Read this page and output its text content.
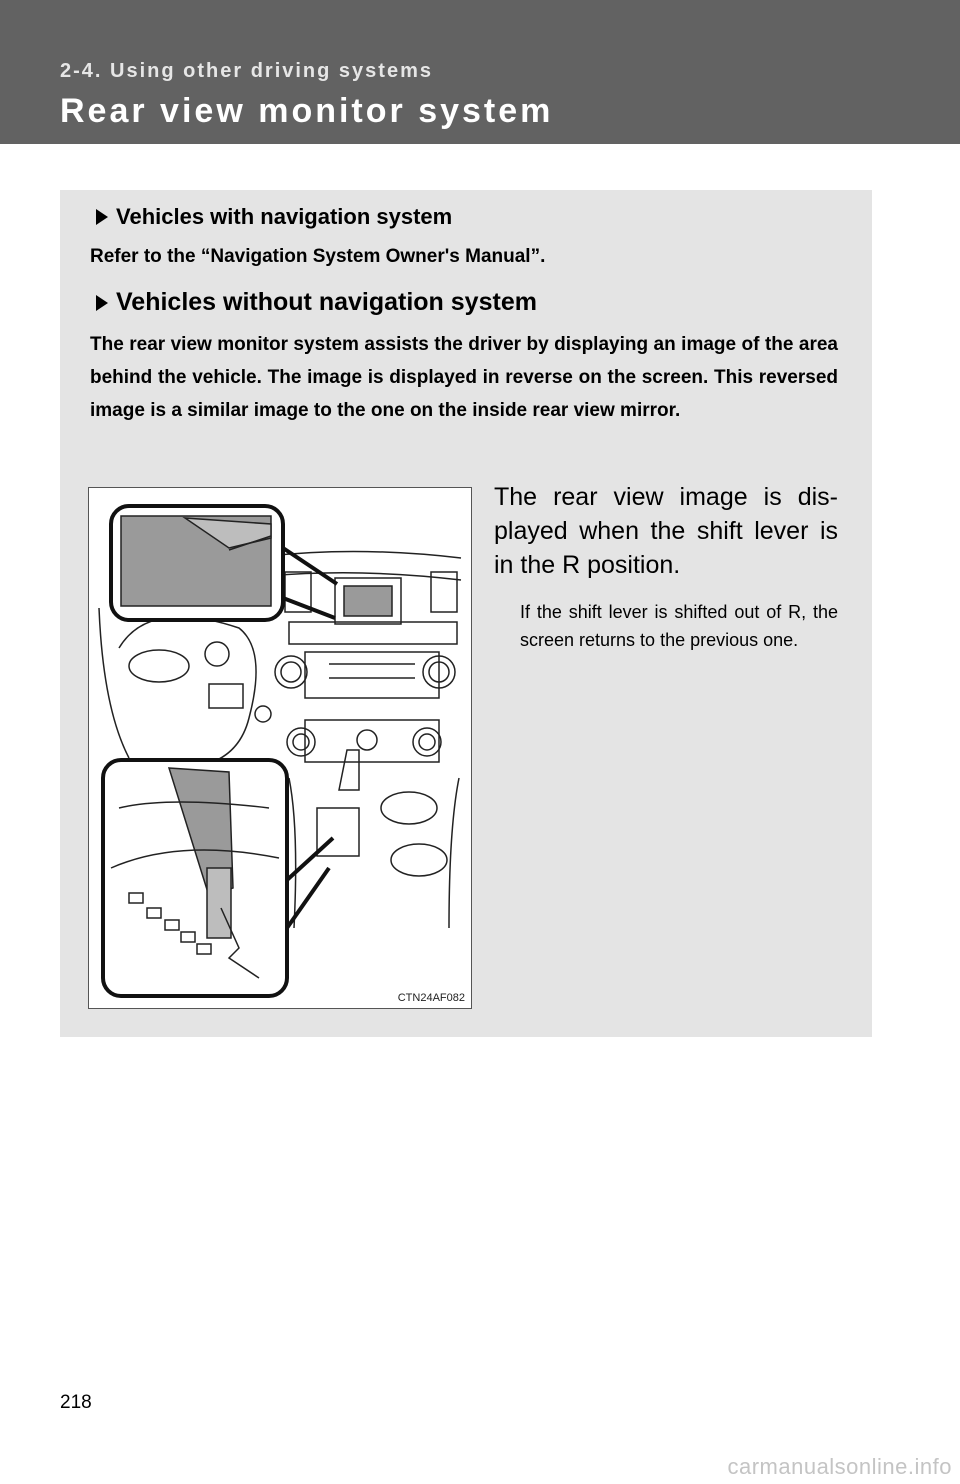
2-4. Using other driving systems
Rear view monitor system
Vehicles with navigation system
Refer to the “Navigation System Owner's Manual”.
Vehicles without navigation system
The rear view monitor system assists the driver by displaying an image of the area behind the vehicle. The image is displayed in reverse on the screen. This reversed image is a similar image to the one on the inside rear view mirror.
CTN24AF082
The rear view image is dis-played when the shift lever is in the R position.
If the shift lever is shifted out of R, the screen returns to the previous one.
218
carmanualsonline.info
